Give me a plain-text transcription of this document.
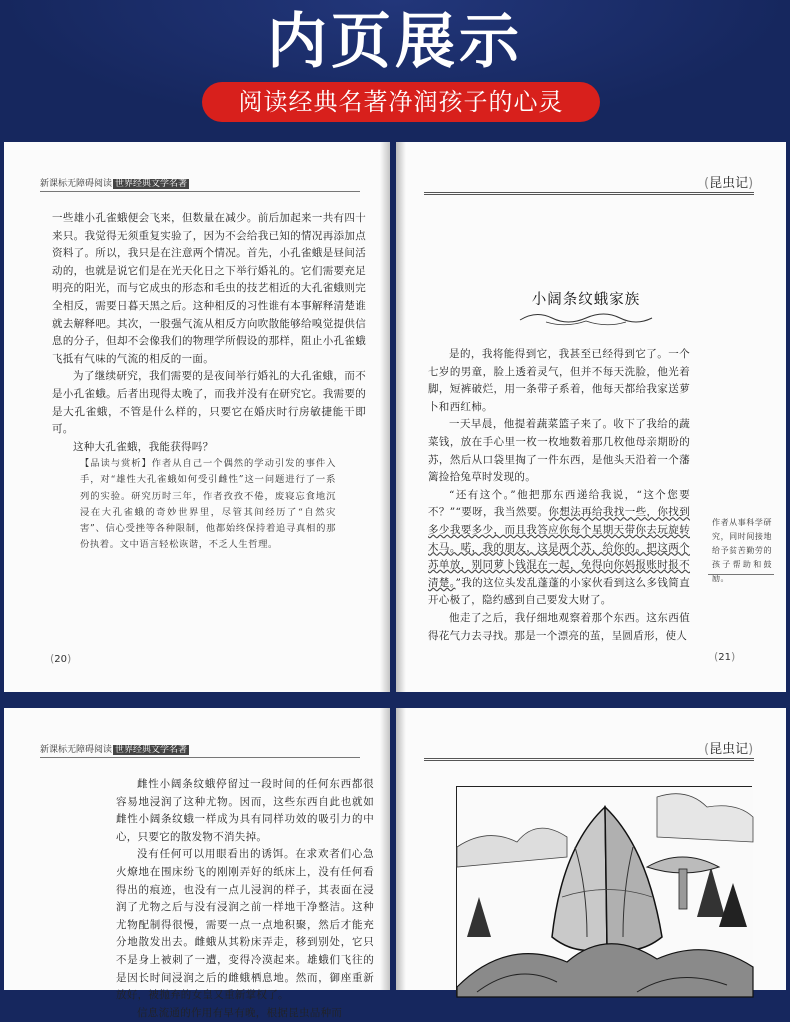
内页展示
阅读经典名著净润孩子的心灵
新课标无障碍阅读 世界经典文学名著

一些雄小孔雀蛾便会飞来，但数量在减少。前后加起来一共有四十来只。我觉得无须重复实验了，因为不会给我已知的情况再添加点资料了。所以，我只是在注意两个情况。首先，小孔雀蛾是昼间活动的，也就是说它们是在光天化日之下举行婚礼的。它们需要充足明亮的阳光，而与它成虫的形态和毛虫的技艺相近的大孔雀蛾则完全相反，需要日暮天黑之后。这种相反的习性谁有本事解释清楚谁就去解释吧。其次，一股强气流从相反方向吹散能够给嗅觉提供信息的分子，但却不会像我们的物理学所假设的那样，阻止小孔雀蛾飞抵有气味的气流的相反的一面。

为了继续研究，我们需要的是夜间举行婚礼的大孔雀蛾，而不是小孔雀蛾。后者出现得太晚了，而我并没有在研究它。我需要的是大孔雀蛾，不管是什么样的，只要它在婚庆时行房敏捷能干即可。

这种大孔雀蛾，我能获得吗？

【品读与赏析】作者从自己一个偶然的学动引发的事件入手，对“雄性大孔雀蛾如何受引雌性”这一问题进行了一系列的实验。研究历时三年，作者孜孜不倦，废寝忘食地沉浸在大孔雀蛾的奇妙世界里，尽管其间经历了“自然灾害”、信心受挫等各种限制，他都始终保持着追寻真相的那份执着。文中语言轻松诙谐，不乏人生哲理。
(20)
(昆虫记)
小阔条纹蛾家族

是的，我将能得到它，我甚至已经得到它了。一个七岁的男童，脸上透着灵气，但并不每天洗脸，他光着脚，短裤破烂，用一条带子系着，他每天都给我家送萝卜和西红柿。

一天早晨，他提着蔬菜篮子来了。收下了我给的蔬菜钱，放在手心里一枚一枚地数着那几枚他母亲期盼的苏，然后从口袋里掏了一件东西，是他头天沿着一个藩篱捡拾兔草时发现的。

“还有这个。”他把那东西递给我说，“这个您要不？”“要呀，我当然要。你想法再给我找一些，你找到多少我要多少，而且我答应你每个星期天带你去玩旋转木马。喏，我的朋友，这是两个苏，给你的。把这两个苏单放，别同萝卜钱混在一起，免得向你妈报账时报不清楚。”我的这位头发乱蓬蓬的小家伙看到这么多钱简直开心极了，隐约感到自己要发大财了。

他走了之后，我仔细地观察着那个东西。这东西值得花气力去寻找。那是一个漂亮的茧，呈圆盾形，使人

作者从事科学研究，同时间接地给予贫苦勤劳的孩子帮助和鼓励。
(21)
新课标无障碍阅读 世界经典文学名著

雌性小阔条纹蛾停留过一段时间的任何东西都很容易地浸润了这种尤物。因而，这些东西自此也就如雌性小阔条纹蛾一样成为具有同样功效的吸引力的中心，只要它的散发物不消失掉。

没有任何可以用眼看出的诱饵。在求欢者们心急火燎地在围床纷飞的刚刚弄好的纸床上，没有任何看得出的痕迹，也没有一点儿浸润的样子，其表面在浸润了尤物之后与没有浸润之前一样地干净整洁。这种尤物配制得很慢，需要一点一点地积聚，然后才能充分地散发出去。雌蛾从其粉床弄走，移到别处，它只不是身上被刺了一遭，变得冷漠起来。雄蛾们飞往的是因长时间浸润之后的雌蛾栖息地。然而，御座重新放好，被抛弃的女皇又重新掌权了。

信息流通的作用有早有晚，根据昆虫品种而

(昆虫记)
